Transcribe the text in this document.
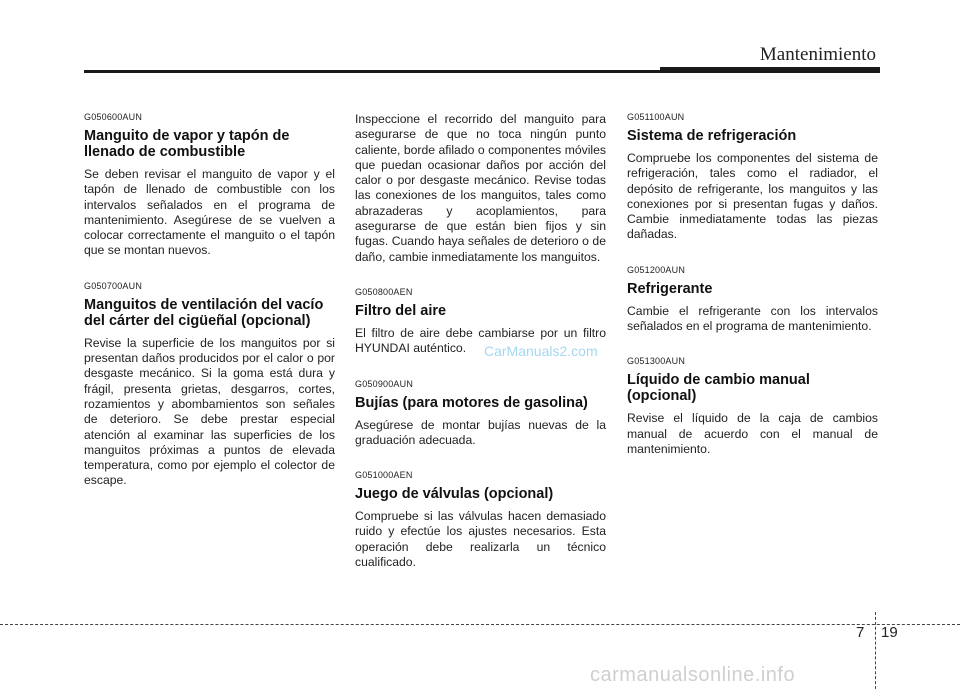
Mantenimiento
G050600AUN
Manguito de vapor y tapón de llenado de combustible

Se deben revisar el manguito de vapor y el tapón de llenado de combustible con los intervalos señalados en el programa de mantenimiento. Asegúrese de se vuelven a colocar correctamente el manguito o el tapón que se montan nuevos.

G050700AUN
Manguitos de ventilación del vacío del cárter del cigüeñal (opcional)

Revise la superficie de los manguitos por si presentan daños producidos por el calor o por desgaste mecánico. Si la goma está dura y frágil, presenta grietas, desgarros, cortes, rozamientos y abombamientos son señales de deterioro. Se debe prestar especial atención al examinar las superficies de los manguitos próximas a puntos de elevada temperatura, como por ejemplo el colector de escape.

Inspeccione el recorrido del manguito para asegurarse de que no toca ningún punto caliente, borde afilado o componentes móviles que puedan ocasionar daños por acción del calor o por desgaste mecánico. Revise todas las conexiones de los manguitos, tales como abrazaderas y acoplamientos, para asegurarse de que están bien fijos y sin fugas. Cuando haya señales de deterioro o de daño, cambie inmediatamente los manguitos.

G050800AEN
Filtro del aire

El filtro de aire debe cambiarse por un filtro HYUNDAI auténtico.

G050900AUN
Bujías (para motores de gasolina)

Asegúrese de montar bujías nuevas de la graduación adecuada.

G051000AEN
Juego de válvulas (opcional)

Compruebe si las válvulas hacen demasiado ruido y efectúe los ajustes necesarios. Esta operación debe realizarla un técnico cualificado.

G051100AUN
Sistema de refrigeración

Compruebe los componentes del sistema de refrigeración, tales como el radiador, el depósito de refrigerante, los manguitos y las conexiones por si presentan fugas y daños. Cambie inmediatamente todas las piezas dañadas.

G051200AUN
Refrigerante

Cambie el refrigerante con los intervalos señalados en el programa de mantenimiento.

G051300AUN
Líquido de cambio manual (opcional)

Revise el líquido de la caja de cambios manual de acuerdo con el manual de mantenimiento.

CarManuals2.com
7 19
carmanualsonline.info
